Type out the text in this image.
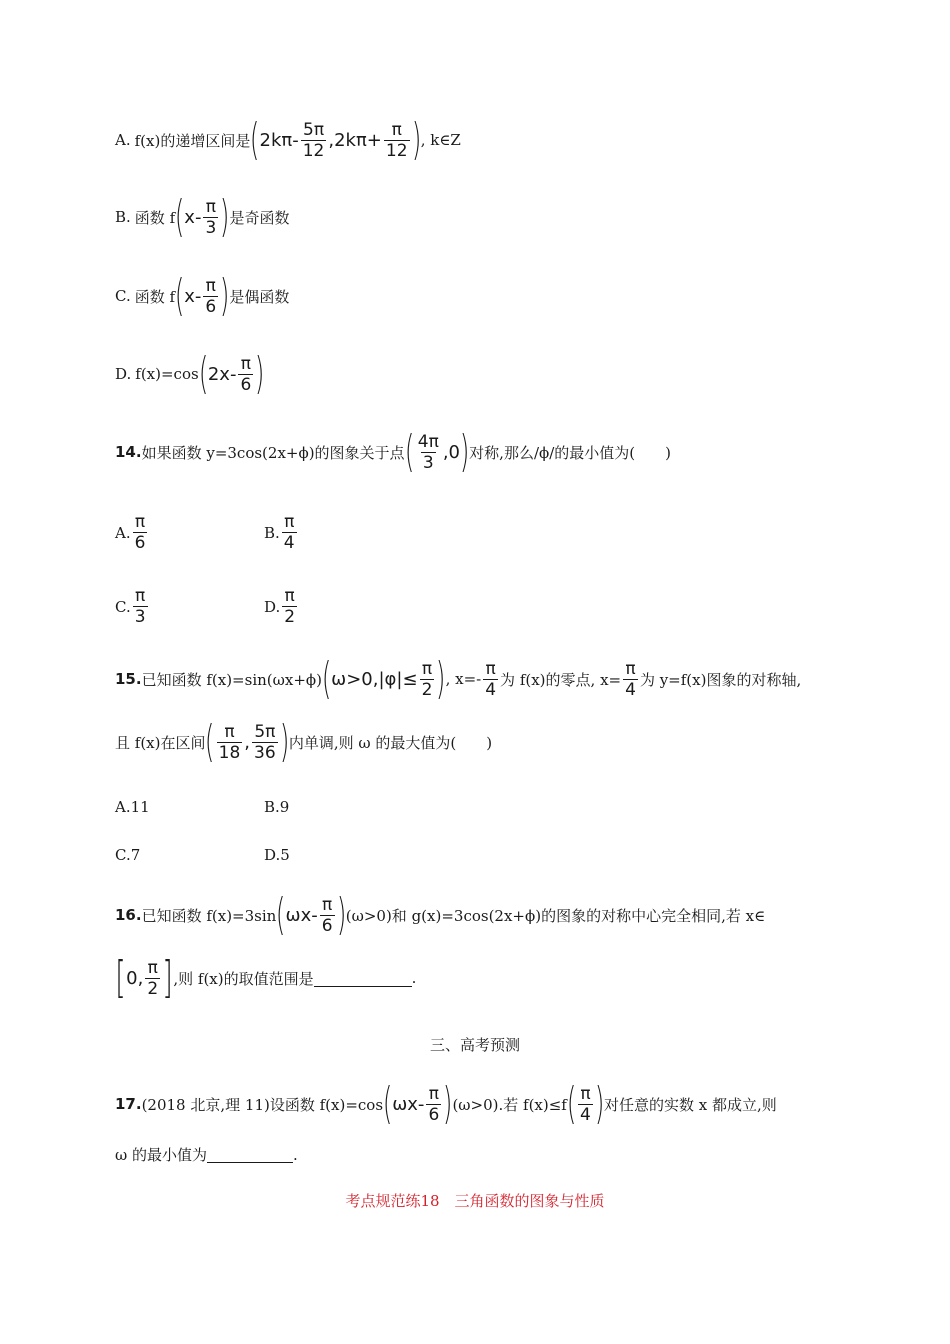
A. f(x)的递增区间是 ( $2k\pi- \frac{5\pi}{12} ,2k\pi+ \frac{\pi}{12}$ ) , k∈Z
B. 函数 f ( $x- \frac{\pi}{3}$ ) 是奇函数
C. 函数 f ( $x- \frac{\pi}{6}$ ) 是偶函数
D. f(x)=cos ( $2x- \frac{\pi}{6}$ )
14. 如果函数 y=3cos(2x+ϕ)的图象关于点 ( $\frac{4\pi}{3} ,0$ ) 对称,那么/ϕ/的最小值为(　　)
A. $\frac{\pi}{6}$	B. $\frac{\pi}{4}$
C. $\frac{\pi}{3}$	D. $\frac{\pi}{2}$
15. 已知函数 f(x)=sin(ωx+ϕ) ( $\omega>0,|\varphi|\le \frac{\pi}{2}$ ) , $x=- \frac{\pi}{4}$ 为 f(x)的零点, $x= \frac{\pi}{4}$ 为 y=f(x)图象的对称轴,
且 f(x)在区间 ( $\frac{\pi}{18}$ , $\frac{5\pi}{36}$ ) 内单调,则 ω 的最大值为(　　)
A.11	B.9
C.7	D.5
16. 已知函数 f(x)=3sin ( $\omega x- \frac{\pi}{6}$ ) (ω>0)和 g(x)=3cos(2x+ϕ)的图象的对称中心完全相同,若 x∈
[ 0, $\frac{\pi}{2}$ ] ,则 f(x)的取值范围是	.
三、高考预测
17. (2018 北京,理 11)设函数 f(x)=cos ( $\omega x- \frac{\pi}{6}$ ) (ω>0).若 f(x)≤f ( $\frac{\pi}{4}$ ) 对任意的实数 x 都成立,则
ω 的最小值为	.
考点规范练18　三角函数的图象与性质
